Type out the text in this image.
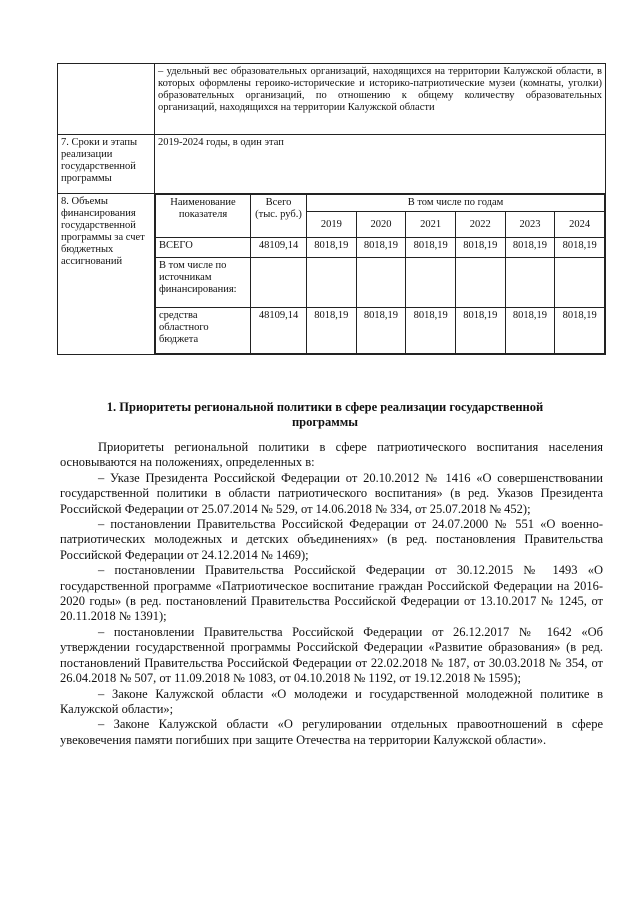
	– удельный вес образовательных организаций, находящихся на территории Калужской области, в которых оформлены героико-исторические и историко-патриотические музеи (комнаты, уголки) образовательных организаций, по отношению к общему количеству образовательных организаций, находящихся на территории Калужской области
7. Сроки и этапы реализации государственной программы	2019-2024 годы, в один этап
8. Объемы финансирования государственной программы за счет бюджетных ассигнований	
Наименование показателя	Всего (тыс. руб.)	В том числе по годам
2019	2020	2021	2022	2023	2024
ВСЕГО	48109,14	8018,19	8018,19	8018,19	8018,19	8018,19	8018,19
В том числе по источникам финансирования:							
средства областного бюджета	48109,14	8018,19	8018,19	8018,19	8018,19	8018,19	8018,19
1. Приоритеты региональной политики в сфере реализации государственной программы

Приоритеты региональной политики в сфере патриотического воспитания населения основываются на положениях, определенных в:

– Указе Президента Российской Федерации от 20.10.2012 № 1416 «О совершенствовании государственной политики в области патриотического воспитания» (в ред. Указов Президента Российской Федерации от 25.07.2014 № 529, от 14.06.2018 № 334, от 25.07.2018 № 452);

– постановлении Правительства Российской Федерации от 24.07.2000 № 551 «О военно-патриотических молодежных и детских объединениях» (в ред. постановления Правительства Российской Федерации от 24.12.2014 № 1469);

– постановлении Правительства Российской Федерации от 30.12.2015 № 1493 «О государственной программе «Патриотическое воспитание граждан Российской Федерации на 2016-2020 годы» (в ред. постановлений Правительства Российской Федерации от 13.10.2017 № 1245, от 20.11.2018 № 1391);

– постановлении Правительства Российской Федерации от 26.12.2017 № 1642 «Об утверждении государственной программы Российской Федерации «Развитие образования» (в ред. постановлений Правительства Российской Федерации от 22.02.2018 № 187, от 30.03.2018 № 354, от 26.04.2018 № 507, от 11.09.2018 № 1083, от 04.10.2018 № 1192, от 19.12.2018 № 1595);

– Законе Калужской области «О молодежи и государственной молодежной политике в Калужской области»;

– Законе Калужской области «О регулировании отдельных правоотношений в сфере увековечения памяти погибших при защите Отечества на территории Калужской области».
